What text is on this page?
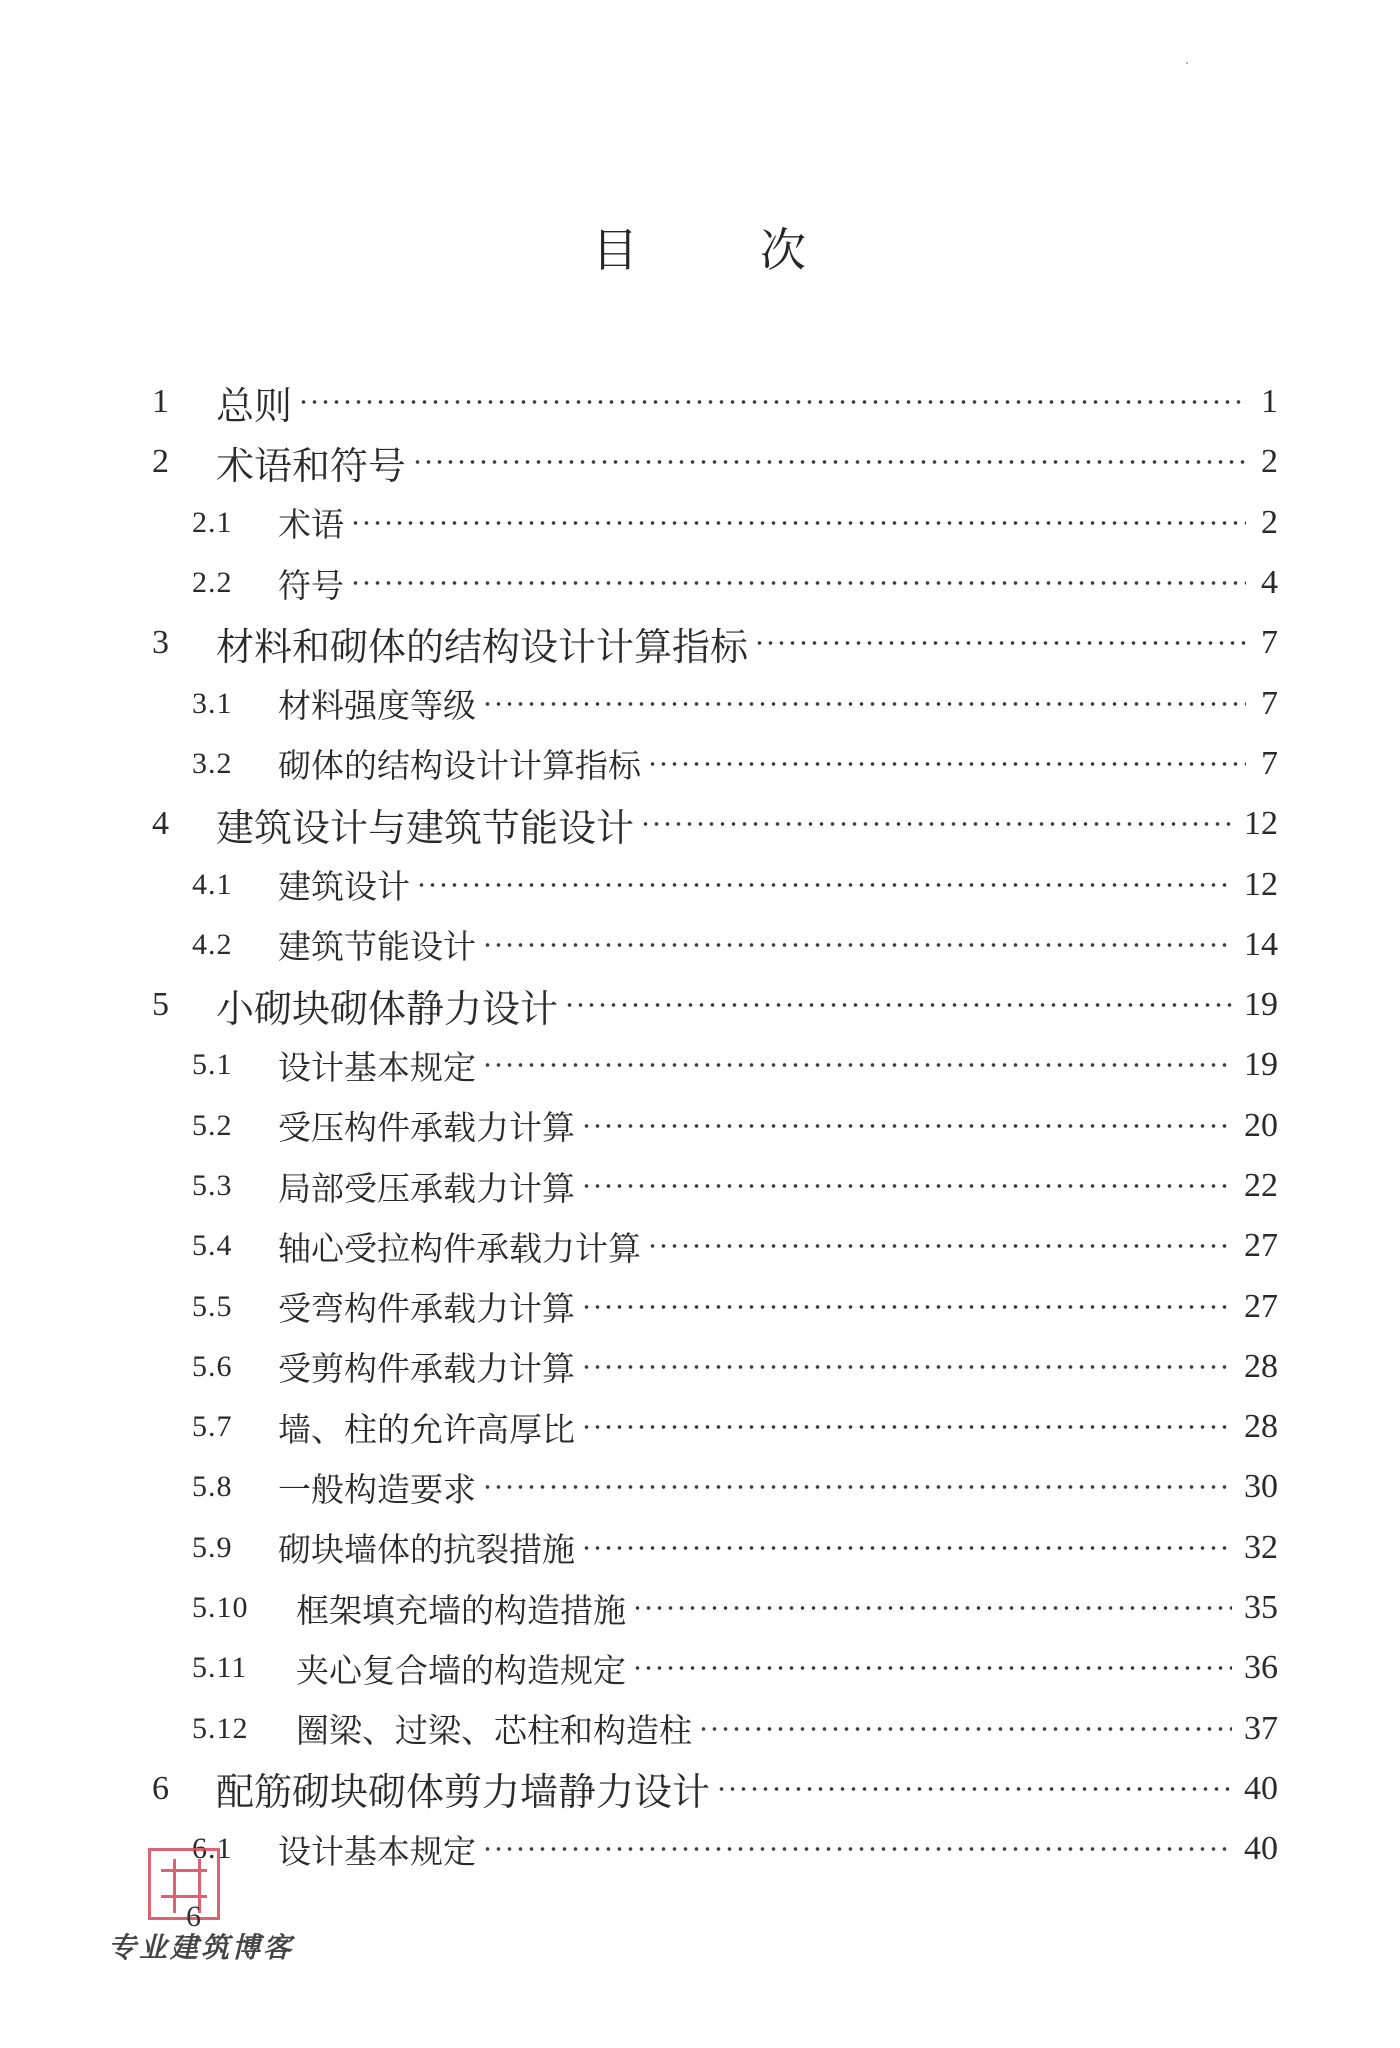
目	次
1	总则	1
2	术语和符号	2
2.1	术语	2
2.2	符号	4
3	材料和砌体的结构设计计算指标	7
3.1	材料强度等级	7
3.2	砌体的结构设计计算指标	7
4	建筑设计与建筑节能设计	12
4.1	建筑设计	12
4.2	建筑节能设计	14
5	小砌块砌体静力设计	19
5.1	设计基本规定	19
5.2	受压构件承载力计算	20
5.3	局部受压承载力计算	22
5.4	轴心受拉构件承载力计算	27
5.5	受弯构件承载力计算	27
5.6	受剪构件承载力计算	28
5.7	墙、柱的允许高厚比	28
5.8	一般构造要求	30
5.9	砌块墙体的抗裂措施	32
5.10	框架填充墙的构造措施	35
5.11	夹心复合墙的构造规定	36
5.12	圈梁、过梁、芯柱和构造柱	37
6	配筋砌块砌体剪力墙静力设计	40
6.1	设计基本规定	40
6
专业建筑博客
